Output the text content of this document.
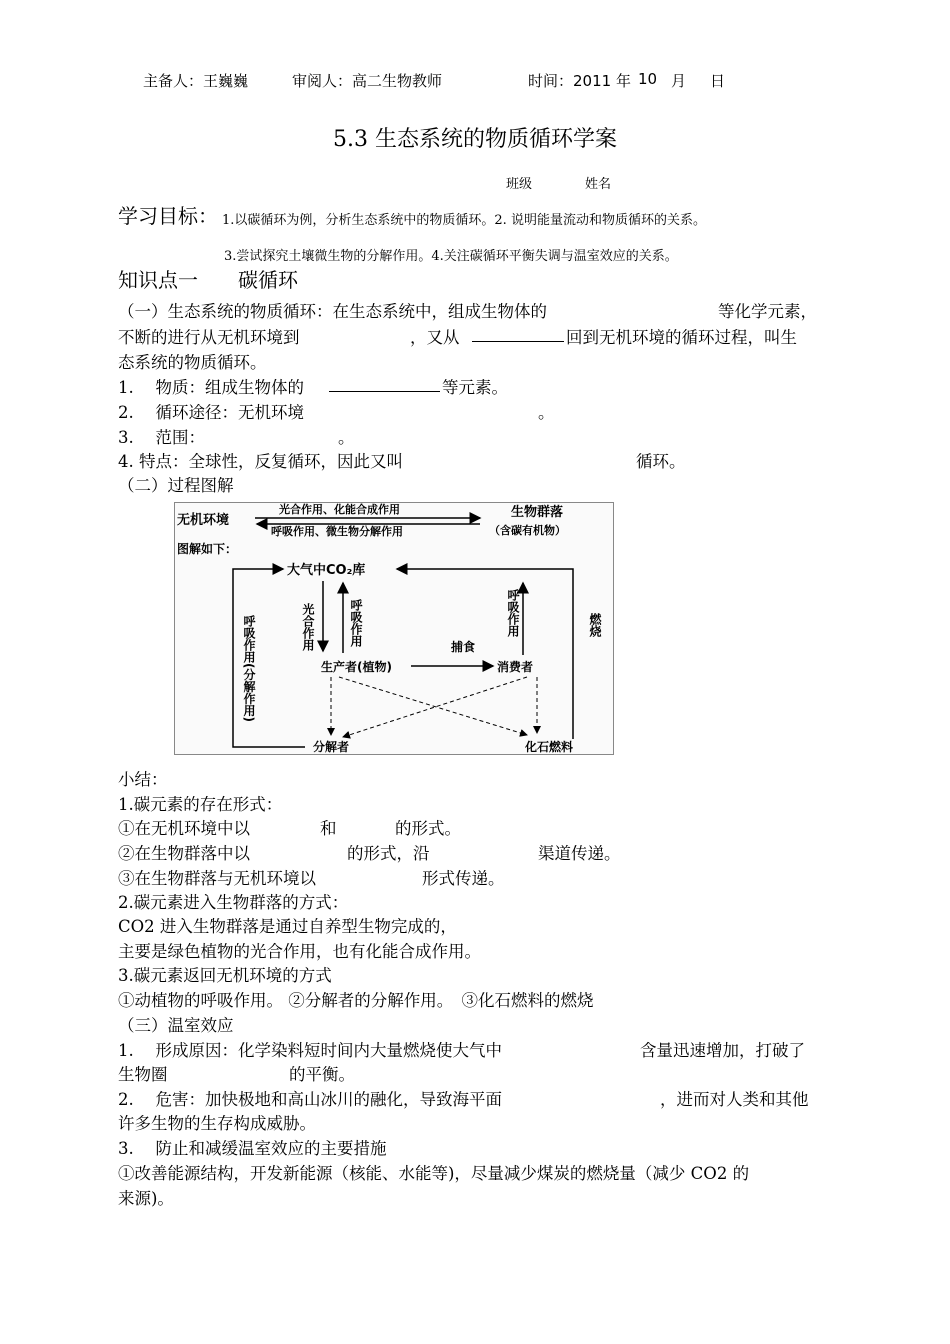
主备人：王巍巍	审阅人：高二生物教师	时间：2011 年 10 月 日
5.3 生态系统的物质循环学案
班级	姓名
学习目标： 1.以碳循环为例，分析生态系统中的物质循环。2. 说明能量流动和物质循环的关系。
3.尝试探究土壤微生物的分解作用。4.关注碳循环平衡失调与温室效应的关系。
知识点一 碳循环
（一）生态系统的物质循环：在生态系统中，组成生物体的	等化学元素，
不断的进行从无机环境到	，又从	回到无机环境的循环过程，叫生
态系统的物质循环。
1.　 物质：组成生物体的	等元素。
2.　 循环途径：无机环境	。
3.　 范围：	。
4. 特点：全球性，反复循环，因此又叫	循环。
（二）过程图解
无机环境
光合作用、化能合成作用
呼吸作用、微生物分解作用
生物群落
（含碳有机物）
图解如下：
大气中CO₂库
光合作用	呼吸作用	呼吸作用	燃烧
呼吸作用(分解作用)	生产者(植物)
捕食
消费者
分解者	化石燃料
小结：
1.碳元素的存在形式：
①在无机环境中以	和	的形式。
②在生物群落中以	的形式，沿	渠道传递。
③在生物群落与无机环境以	形式传递。
2.碳元素进入生物群落的方式：
CO2 进入生物群落是通过自养型生物完成的，
主要是绿色植物的光合作用，也有化能合成作用。
3.碳元素返回无机环境的方式
①动植物的呼吸作用。 ②分解者的分解作用。　③化石燃料的燃烧
（三）温室效应
1.　 形成原因：化学染料短时间内大量燃烧使大气中	含量迅速增加，打破了
生物圈	的平衡。
2.　 危害：加快极地和高山冰川的融化，导致海平面	，进而对人类和其他
许多生物的生存构成威胁。
3.　 防止和减缓温室效应的主要措施
①改善能源结构，开发新能源（核能、水能等)，尽量减少煤炭的燃烧量（减少 CO2 的
来源)。
